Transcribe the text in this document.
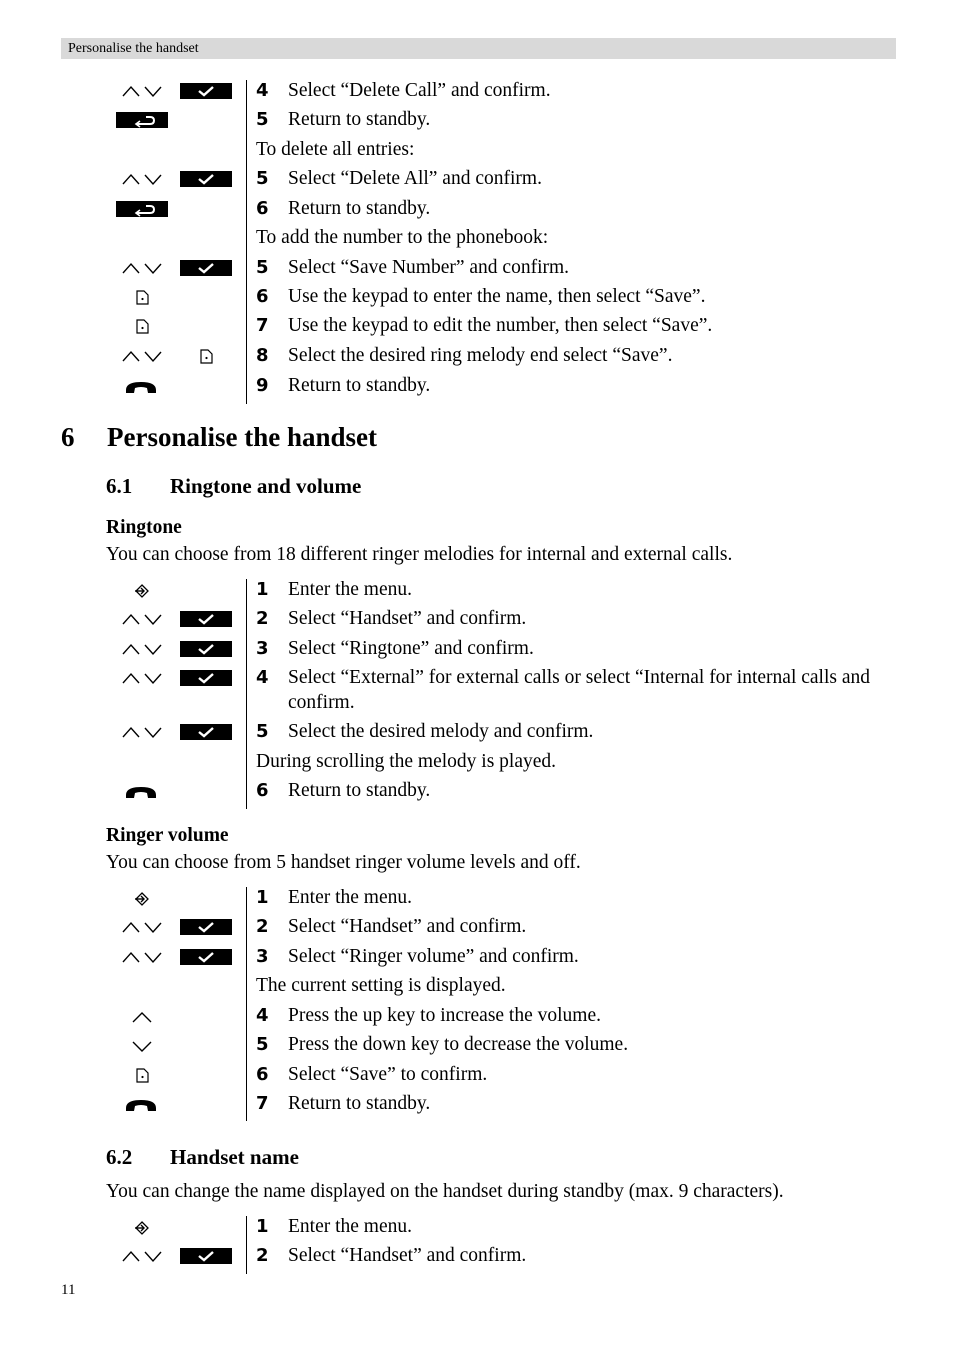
Personalise the handset
4 Select “Delete Call” and confirm.
5 Return to standby.
To delete all entries:
5 Select “Delete All” and confirm.
6 Return to standby.
To add the number to the phonebook:
5 Select “Save Number” and confirm.
6 Use the keypad to enter the name, then select “Save”.
7 Use the keypad to edit the number, then select “Save”.
8 Select the desired ring melody end select “Save”.
9 Return to standby.
6 Personalise the handset
6.1 Ringtone and volume
Ringtone
You can choose from 18 different ringer melodies for internal and external calls.
1 Enter the menu.
2 Select “Handset” and confirm.
3 Select “Ringtone” and confirm.
4 Select “External” for external calls or select “Internal for internal calls and confirm.
5 Select the desired melody and confirm.
During scrolling the melody is played.
6 Return to standby.
Ringer volume
You can choose from 5 handset ringer volume levels and off.
1 Enter the menu.
2 Select “Handset” and confirm.
3 Select “Ringer volume” and confirm.
The current setting is displayed.
4 Press the up key to increase the volume.
5 Press the down key to decrease the volume.
6 Select “Save” to confirm.
7 Return to standby.
6.2 Handset name
You can change the name displayed on the handset during standby (max. 9 characters).
1 Enter the menu.
2 Select “Handset” and confirm.
11
